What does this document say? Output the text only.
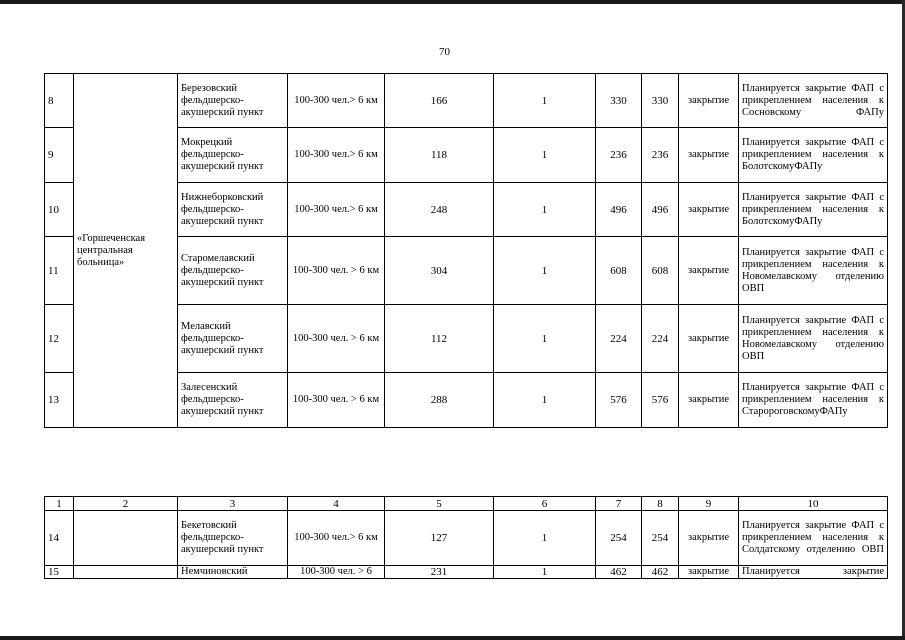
70
8	«Горшеченская центральная больница»	Березовский фельдшерско-акушерский пункт	100-300 чел.> 6 км	166	1	330	330	закрытие	Планируется закрытие ФАП с прикреплением населения к Сосновскому ФАПу
9		Мокрецкий фельдшерско-акушерский пункт	100-300 чел.> 6 км	118	1	236	236	закрытие	Планируется закрытие ФАП с прикреплением населения к БолотскомуФАПу
10		Нижнеборковский фельдшерско-акушерский пункт	100-300 чел.> 6 км	248	1	496	496	закрытие	Планируется закрытие ФАП с прикреплением населения к БолотскомуФАПу
11		Старомелавский фельдшерско-акушерский пункт	100-300 чел. > 6 км	304	1	608	608	закрытие	Планируется закрытие ФАП с прикреплением населения к Новомелавскому отделению ОВП
12		Мелавский фельдшерско-акушерский пункт	100-300 чел. > 6 км	112	1	224	224	закрытие	Планируется закрытие ФАП с прикреплением населения к Новомелавскому отделению ОВП
13		Залесенский фельдшерско-акушерский пункт	100-300 чел. > 6 км	288	1	576	576	закрытие	Планируется закрытие ФАП с прикреплением населения к СтаророговскомуФАПу
1	2	3	4	5	6	7	8	9	10
14		Бекетовский фельдшерско-акушерский пункт	100-300 чел.> 6 км	127	1	254	254	закрытие	Планируется закрытие ФАП с прикреплением населения к Солдатскому отделению ОВП
15		Немчиновский	100-300 чел. > 6	231	1	462	462	закрытие	Планируется закрытие
